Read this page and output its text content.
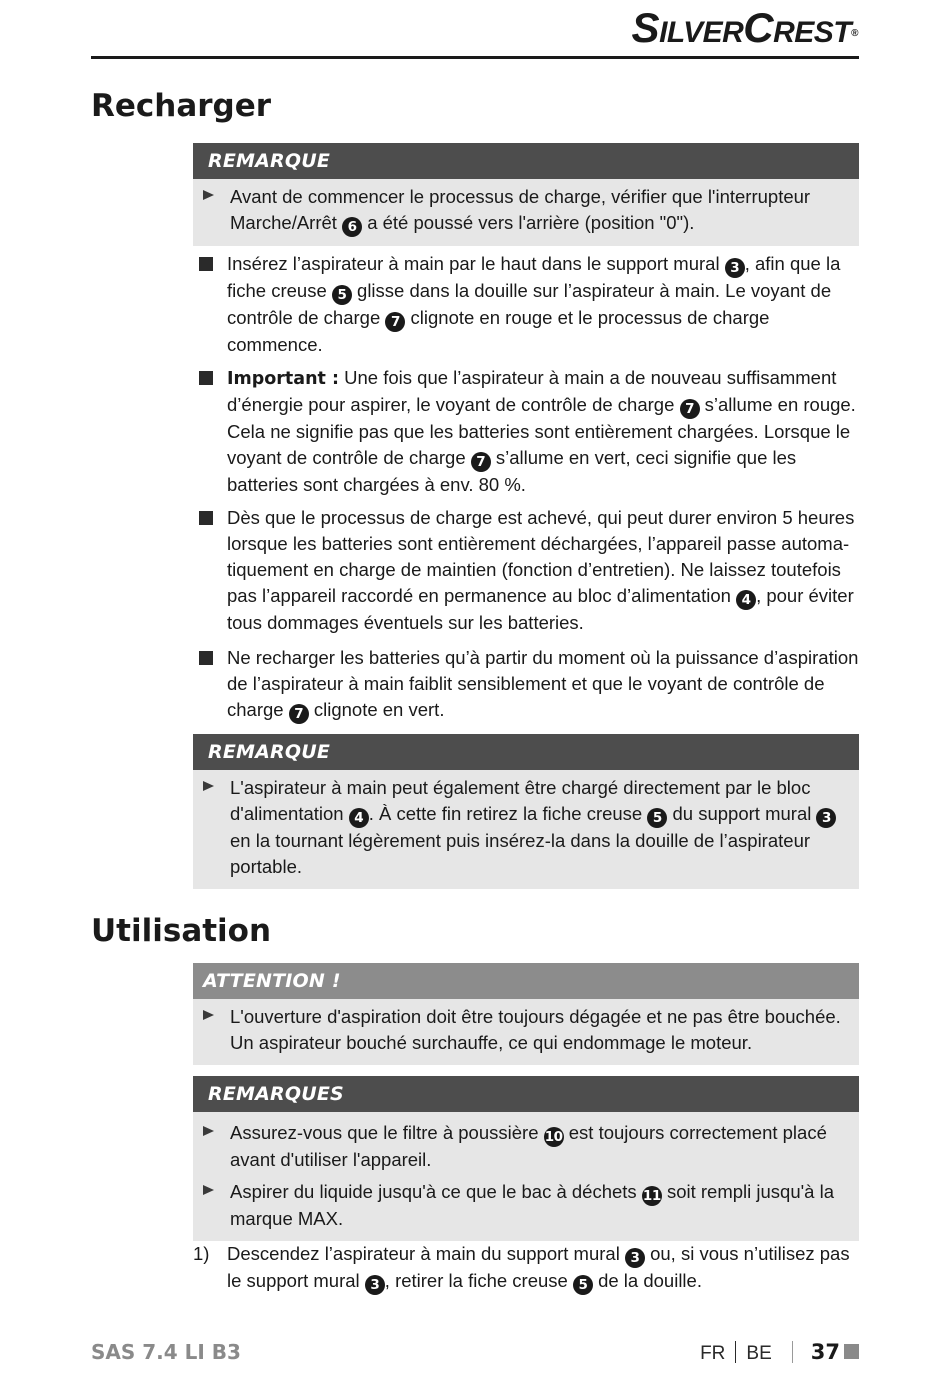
SILVERCREST®
Recharger
REMARQUE
Avant de commencer le processus de charge, vérifier que l'interrupteur Marche/Arrêt 6 a été poussé vers l'arrière (position "0").
Insérez l’aspirateur à main par le haut dans le support mural 3 , afin que la fiche creuse 5 glisse dans la douille sur l’aspirateur à main. Le voyant de contrôle de charge 7 clignote en rouge et le processus de charge commence.
Important : Une fois que l’aspirateur à main a de nouveau suffisamment d’énergie pour aspirer, le voyant de contrôle de charge 7 s’allume en rouge. Cela ne signifie pas que les batteries sont entièrement chargées. Lorsque le voyant de contrôle de charge 7 s’allume en vert, ceci signifie que les batteries sont chargées à env. 80 %.
Dès que le processus de charge est achevé, qui peut durer environ 5 heures lorsque les batteries sont entièrement déchargées, l’appareil passe automa-tiquement en charge de maintien (fonction d’entretien). Ne laissez toutefois pas l’appareil raccordé en permanence au bloc d’alimentation 4 , pour éviter tous dommages éventuels sur les batteries.
Ne recharger les batteries qu’à partir du moment où la puissance d’aspiration de l’aspirateur à main faiblit sensiblement et que le voyant de contrôle de charge 7 clignote en vert.
REMARQUE
L'aspirateur à main peut également être chargé directement par le bloc d'alimentation 4 . À cette fin retirez la fiche creuse 5 du support mural 3 en la tournant légèrement puis insérez-la dans la douille de l’aspirateur portable.
Utilisation
ATTENTION !
L'ouverture d'aspiration doit être toujours dégagée et ne pas être bouchée. Un aspirateur bouché surchauffe, ce qui endommage le moteur.
REMARQUES
Assurez-vous que le filtre à poussière 10 est toujours correctement placé avant d'utiliser l'appareil.
Aspirer du liquide jusqu'à ce que le bac à déchets 11 soit rempli jusqu'à la marque MAX.
1) Descendez l’aspirateur à main du support mural 3 ou, si vous n’utilisez pas le support mural 3 , retirer la fiche creuse 5 de la douille.
SAS 7.4 LI B3	FR BE 37
